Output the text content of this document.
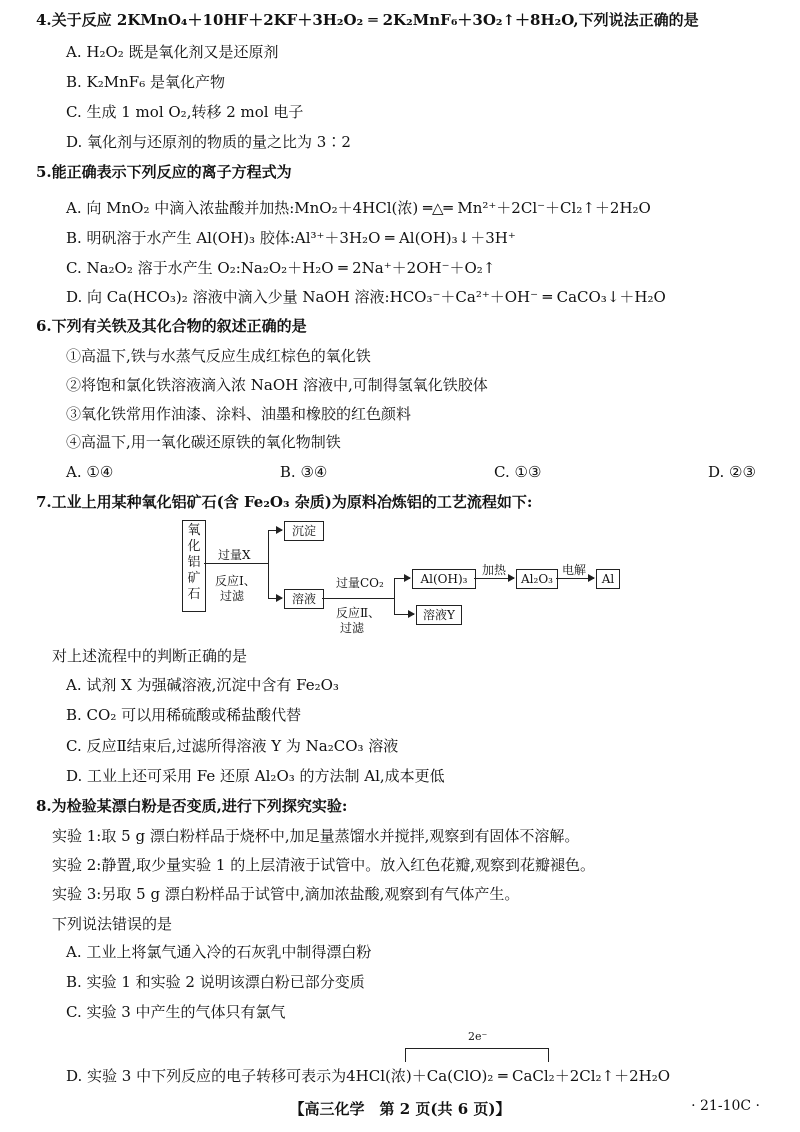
4.关于反应 2KMnO₄＋10HF＋2KF＋3H₂O₂ ═ 2K₂MnF₆＋3O₂↑＋8H₂O,下列说法正确的是
A. H₂O₂ 既是氧化剂又是还原剂
B. K₂MnF₆ 是氧化产物
C. 生成 1 mol O₂,转移 2 mol 电子
D. 氧化剂与还原剂的物质的量之比为 3∶2
5.能正确表示下列反应的离子方程式为
A. 向 MnO₂ 中滴入浓盐酸并加热:MnO₂＋4HCl(浓) ═△═ Mn²⁺＋2Cl⁻＋Cl₂↑＋2H₂O
B. 明矾溶于水产生 Al(OH)₃ 胶体:Al³⁺＋3H₂O ═ Al(OH)₃↓＋3H⁺
C. Na₂O₂ 溶于水产生 O₂:Na₂O₂＋H₂O ═ 2Na⁺＋2OH⁻＋O₂↑
D. 向 Ca(HCO₃)₂ 溶液中滴入少量 NaOH 溶液:HCO₃⁻＋Ca²⁺＋OH⁻ ═ CaCO₃↓＋H₂O
6.下列有关铁及其化合物的叙述正确的是
①高温下,铁与水蒸气反应生成红棕色的氧化铁
②将饱和氯化铁溶液滴入浓 NaOH 溶液中,可制得氢氧化铁胶体
③氧化铁常用作油漆、涂料、油墨和橡胶的红色颜料
④高温下,用一氧化碳还原铁的氧化物制铁
A. ①④	B. ③④	C. ①③	D. ②③
7.工业上用某种氧化铝矿石(含 Fe₂O₃ 杂质)为原料冶炼铝的工艺流程如下:
氧化铝矿石
过量X
反应Ⅰ、
过滤
沉淀
溶液
过量CO₂
反应Ⅱ、
过滤
Al(OH)₃
溶液Y
加热
Al₂O₃
电解
Al
对上述流程中的判断正确的是
A. 试剂 X 为强碱溶液,沉淀中含有 Fe₂O₃
B. CO₂ 可以用稀硫酸或稀盐酸代替
C. 反应Ⅱ结束后,过滤所得溶液 Y 为 Na₂CO₃ 溶液
D. 工业上还可采用 Fe 还原 Al₂O₃ 的方法制 Al,成本更低
8.为检验某漂白粉是否变质,进行下列探究实验:
实验 1:取 5 g 漂白粉样品于烧杯中,加足量蒸馏水并搅拌,观察到有固体不溶解。
实验 2:静置,取少量实验 1 的上层清液于试管中。放入红色花瓣,观察到花瓣褪色。
实验 3:另取 5 g 漂白粉样品于试管中,滴加浓盐酸,观察到有气体产生。
下列说法错误的是
A. 工业上将氯气通入冷的石灰乳中制得漂白粉
B. 实验 1 和实验 2 说明该漂白粉已部分变质
C. 实验 3 中产生的气体只有氯气
D. 实验 3 中下列反应的电子转移可表示为4HCl(浓)＋Ca(ClO)₂ ═ CaCl₂＋2Cl₂↑＋2H₂O
2e⁻
【高三化学　第 2 页(共 6 页)】	· 21-10C ·
